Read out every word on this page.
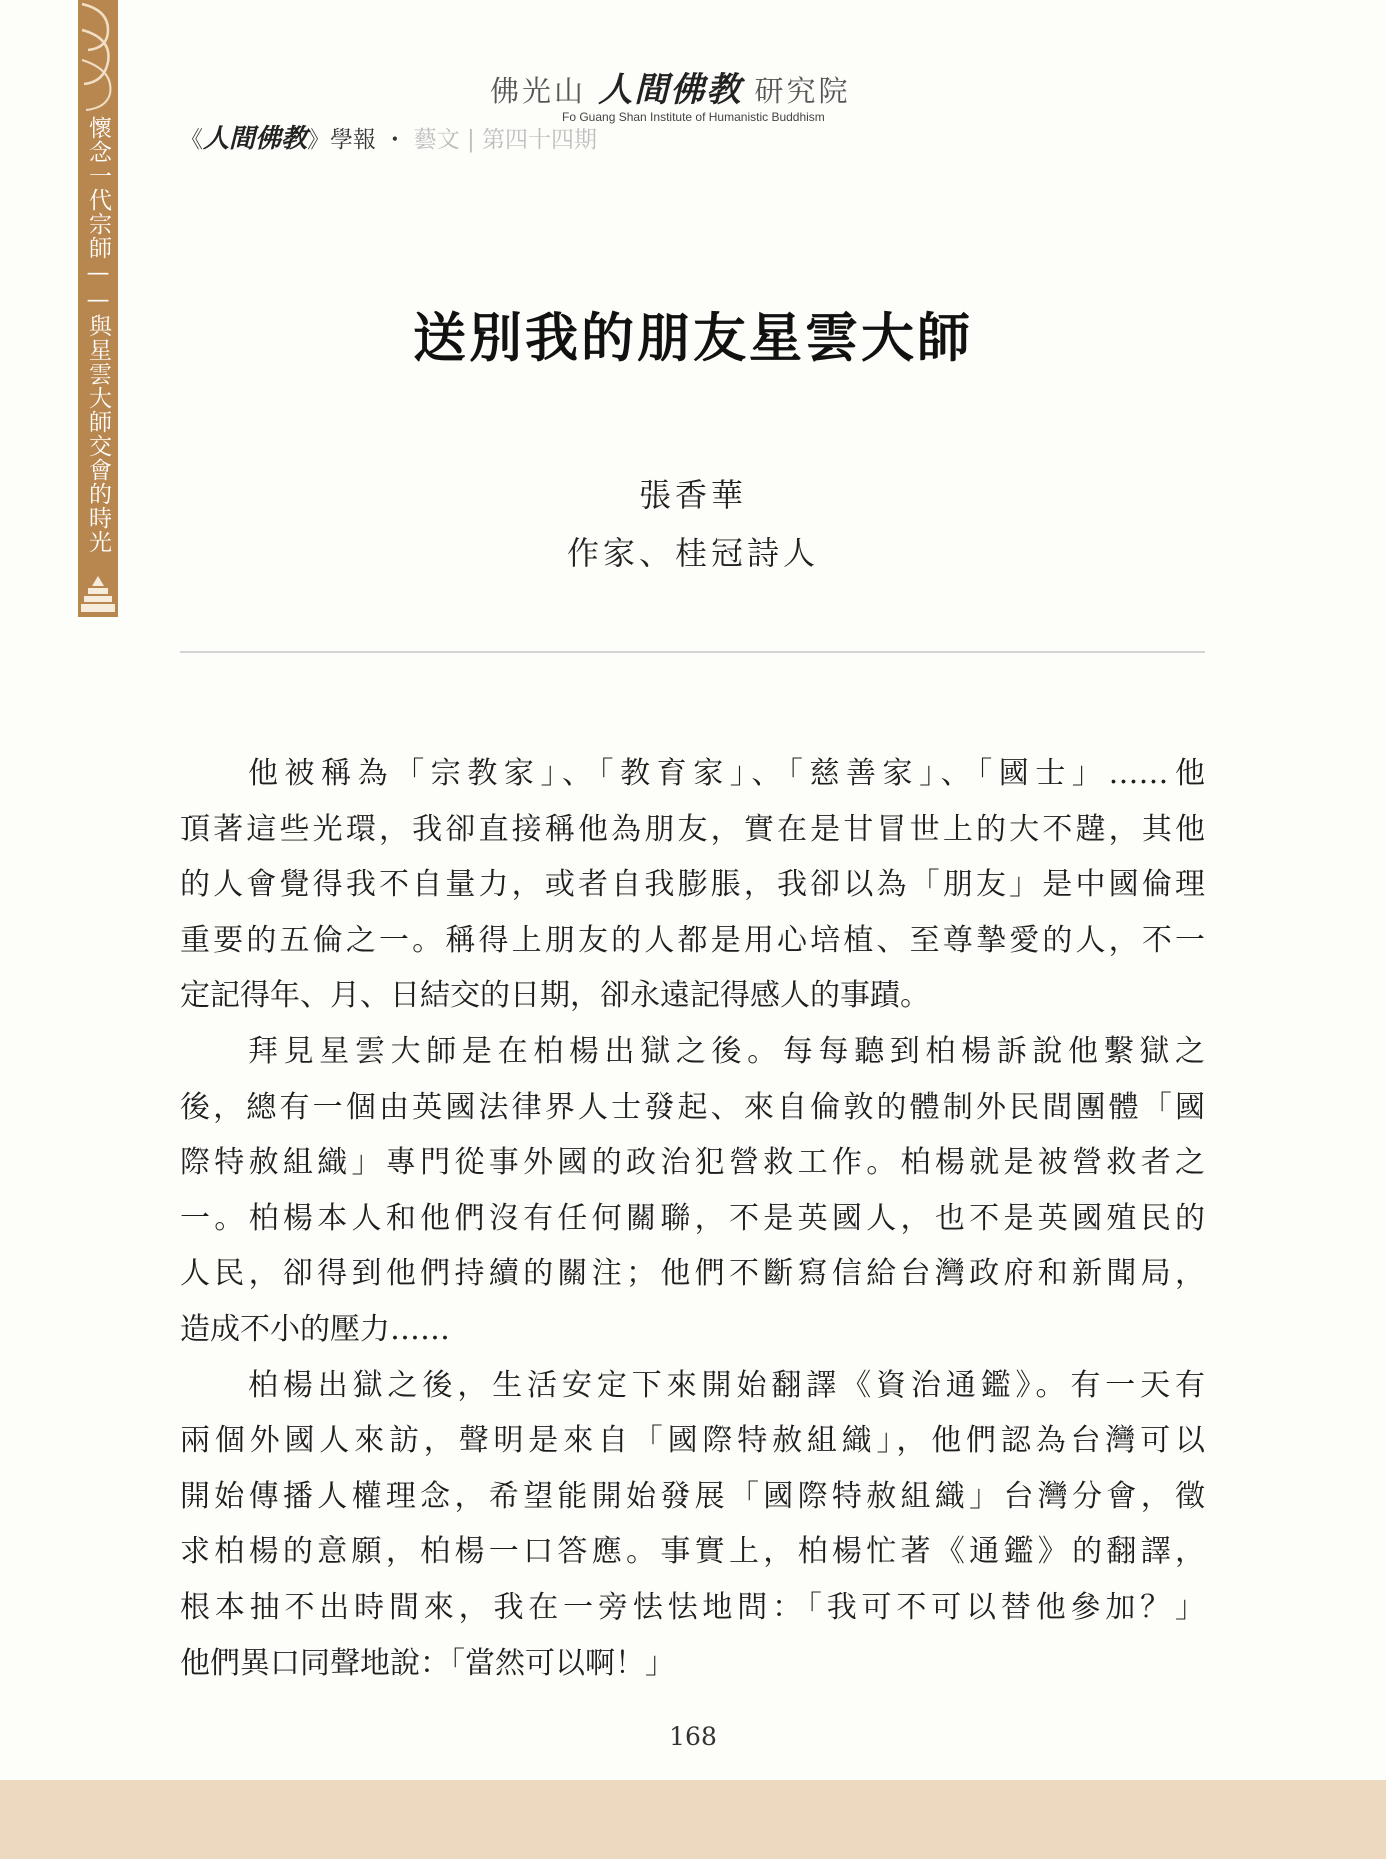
懷念一代宗師——與星雲大師交會的時光
佛光山 人間佛教 研究院
Fo Guang Shan Institute of Humanistic Buddhism
《人間佛教》學報 ・ 藝文 | 第四十四期
送別我的朋友星雲大師
張香華
作家、桂冠詩人
他被稱為「宗教家」、「教育家」、「慈善家」、「國士」……他
頂著這些光環，我卻直接稱他為朋友，實在是甘冒世上的大不韙，其他
的人會覺得我不自量力，或者自我膨脹，我卻以為「朋友」是中國倫理
重要的五倫之一。稱得上朋友的人都是用心培植、至尊摯愛的人，不一
定記得年、月、日結交的日期，卻永遠記得感人的事蹟。
拜見星雲大師是在柏楊出獄之後。每每聽到柏楊訴說他繫獄之
後，總有一個由英國法律界人士發起、來自倫敦的體制外民間團體「國
際特赦組織」專門從事外國的政治犯營救工作。柏楊就是被營救者之
一。柏楊本人和他們沒有任何關聯，不是英國人，也不是英國殖民的
人民，卻得到他們持續的關注；他們不斷寫信給台灣政府和新聞局，
造成不小的壓力……
柏楊出獄之後，生活安定下來開始翻譯《資治通鑑》。有一天有
兩個外國人來訪，聲明是來自「國際特赦組織」，他們認為台灣可以
開始傳播人權理念，希望能開始發展「國際特赦組織」台灣分會，徵
求柏楊的意願，柏楊一口答應。事實上，柏楊忙著《通鑑》的翻譯，
根本抽不出時間來，我在一旁怯怯地問：「我可不可以替他參加？」
他們異口同聲地說：「當然可以啊！」
168
